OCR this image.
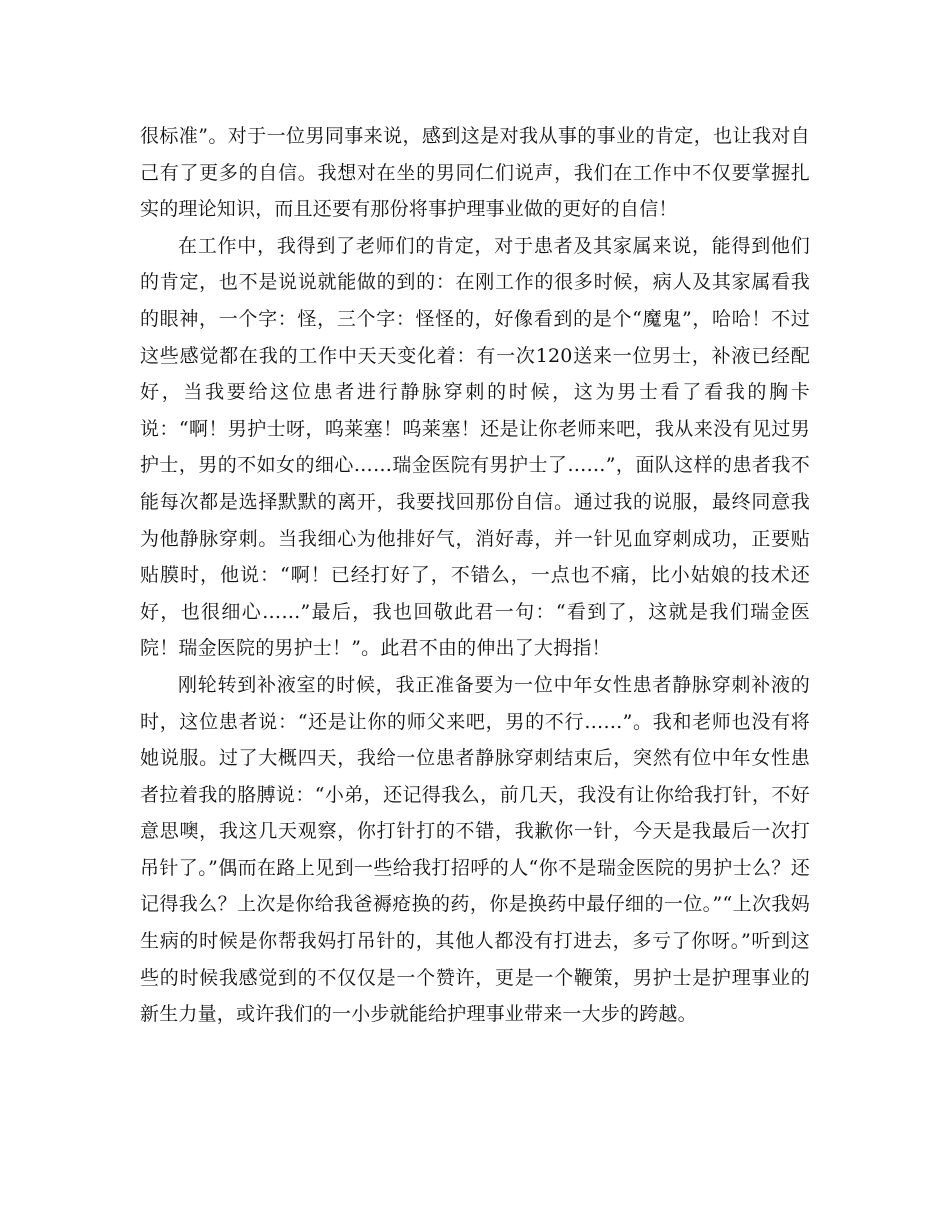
很标准”。对于一位男同事来说，感到这是对我从事的事业的肯定，也让我对自己有了更多的自信。我想对在坐的男同仁们说声，我们在工作中不仅要掌握扎实的理论知识，而且还要有那份将事护理事业做的更好的自信！

在工作中，我得到了老师们的肯定，对于患者及其家属来说，能得到他们的肯定，也不是说说就能做的到的：在刚工作的很多时候，病人及其家属看我的眼神，一个字：怪，三个字：怪怪的，好像看到的是个“魔鬼”，哈哈！不过这些感觉都在我的工作中天天变化着：有一次120送来一位男士，补液已经配好，当我要给这位患者进行静脉穿刺的时候，这为男士看了看我的胸卡说：“啊！男护士呀，呜莱塞！呜莱塞！还是让你老师来吧，我从来没有见过男护士，男的不如女的细心……瑞金医院有男护士了……”，面队这样的患者我不能每次都是选择默默的离开，我要找回那份自信。通过我的说服，最终同意我为他静脉穿刺。当我细心为他排好气，消好毒，并一针见血穿刺成功，正要贴贴膜时，他说：“啊！已经打好了，不错么，一点也不痛，比小姑娘的技术还好，也很细心……”最后，我也回敬此君一句：“看到了，这就是我们瑞金医院！瑞金医院的男护士！”。此君不由的伸出了大拇指！

刚轮转到补液室的时候，我正准备要为一位中年女性患者静脉穿刺补液的时，这位患者说：“还是让你的师父来吧，男的不行……”。我和老师也没有将她说服。过了大概四天，我给一位患者静脉穿刺结束后，突然有位中年女性患者拉着我的胳膊说：“小弟，还记得我么，前几天，我没有让你给我打针，不好意思噢，我这几天观察，你打针打的不错，我歉你一针，今天是我最后一次打吊针了。”偶而在路上见到一些给我打招呼的人“你不是瑞金医院的男护士么？还记得我么？上次是你给我爸褥疮换的药，你是换药中最仔细的一位。”“上次我妈生病的时候是你帮我妈打吊针的，其他人都没有打进去，多亏了你呀。”听到这些的时候我感觉到的不仅仅是一个赞许，更是一个鞭策，男护士是护理事业的新生力量，或许我们的一小步就能给护理事业带来一大步的跨越。
